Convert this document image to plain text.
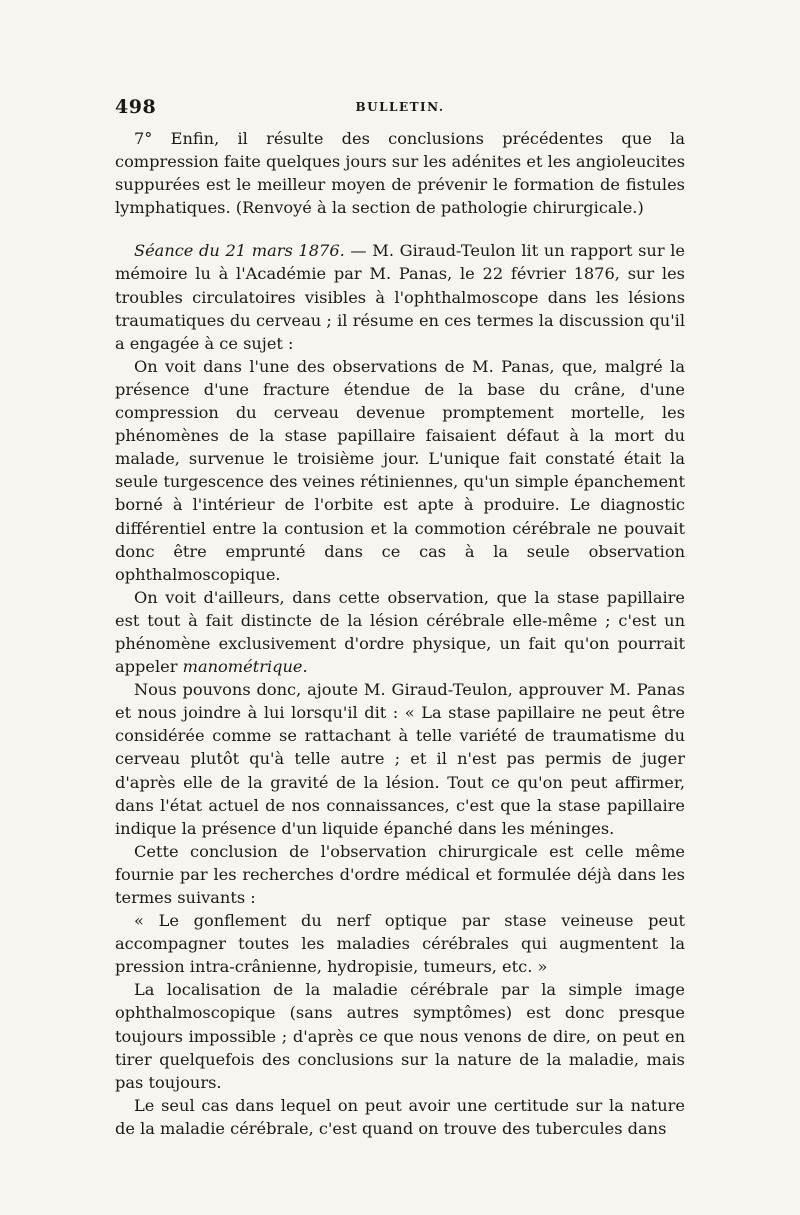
498	BULLETIN.

7° Enfin, il résulte des conclusions précédentes que la compression faite quelques jours sur les adénites et les angioleucites suppurées est le meilleur moyen de prévenir le formation de fistules lymphatiques. (Renvoyé à la section de pathologie chirurgicale.)

Séance du 21 mars 1876. — M. Giraud-Teulon lit un rapport sur le mémoire lu à l'Académie par M. Panas, le 22 février 1876, sur les troubles circulatoires visibles à l'ophthalmoscope dans les lésions traumatiques du cerveau ; il résume en ces termes la discussion qu'il a engagée à ce sujet :

On voit dans l'une des observations de M. Panas, que, malgré la présence d'une fracture étendue de la base du crâne, d'une compression du cerveau devenue promptement mortelle, les phénomènes de la stase papillaire faisaient défaut à la mort du malade, survenue le troisième jour. L'unique fait constaté était la seule turgescence des veines rétiniennes, qu'un simple épanchement borné à l'intérieur de l'orbite est apte à produire. Le diagnostic différentiel entre la contusion et la commotion cérébrale ne pouvait donc être emprunté dans ce cas à la seule observation ophthalmoscopique.

On voit d'ailleurs, dans cette observation, que la stase papillaire est tout à fait distincte de la lésion cérébrale elle-même ; c'est un phénomène exclusivement d'ordre physique, un fait qu'on pourrait appeler manométrique.

Nous pouvons donc, ajoute M. Giraud-Teulon, approuver M. Panas et nous joindre à lui lorsqu'il dit : « La stase papillaire ne peut être considérée comme se rattachant à telle variété de traumatisme du cerveau plutôt qu'à telle autre ; et il n'est pas permis de juger d'après elle de la gravité de la lésion. Tout ce qu'on peut affirmer, dans l'état actuel de nos connaissances, c'est que la stase papillaire indique la présence d'un liquide épanché dans les méninges.

Cette conclusion de l'observation chirurgicale est celle même fournie par les recherches d'ordre médical et formulée déjà dans les termes suivants :

« Le gonflement du nerf optique par stase veineuse peut accompagner toutes les maladies cérébrales qui augmentent la pression intra-crânienne, hydropisie, tumeurs, etc. »

La localisation de la maladie cérébrale par la simple image ophthalmoscopique (sans autres symptômes) est donc presque toujours impossible ; d'après ce que nous venons de dire, on peut en tirer quelquefois des conclusions sur la nature de la maladie, mais pas toujours.

Le seul cas dans lequel on peut avoir une certitude sur la nature de la maladie cérébrale, c'est quand on trouve des tubercules dans
